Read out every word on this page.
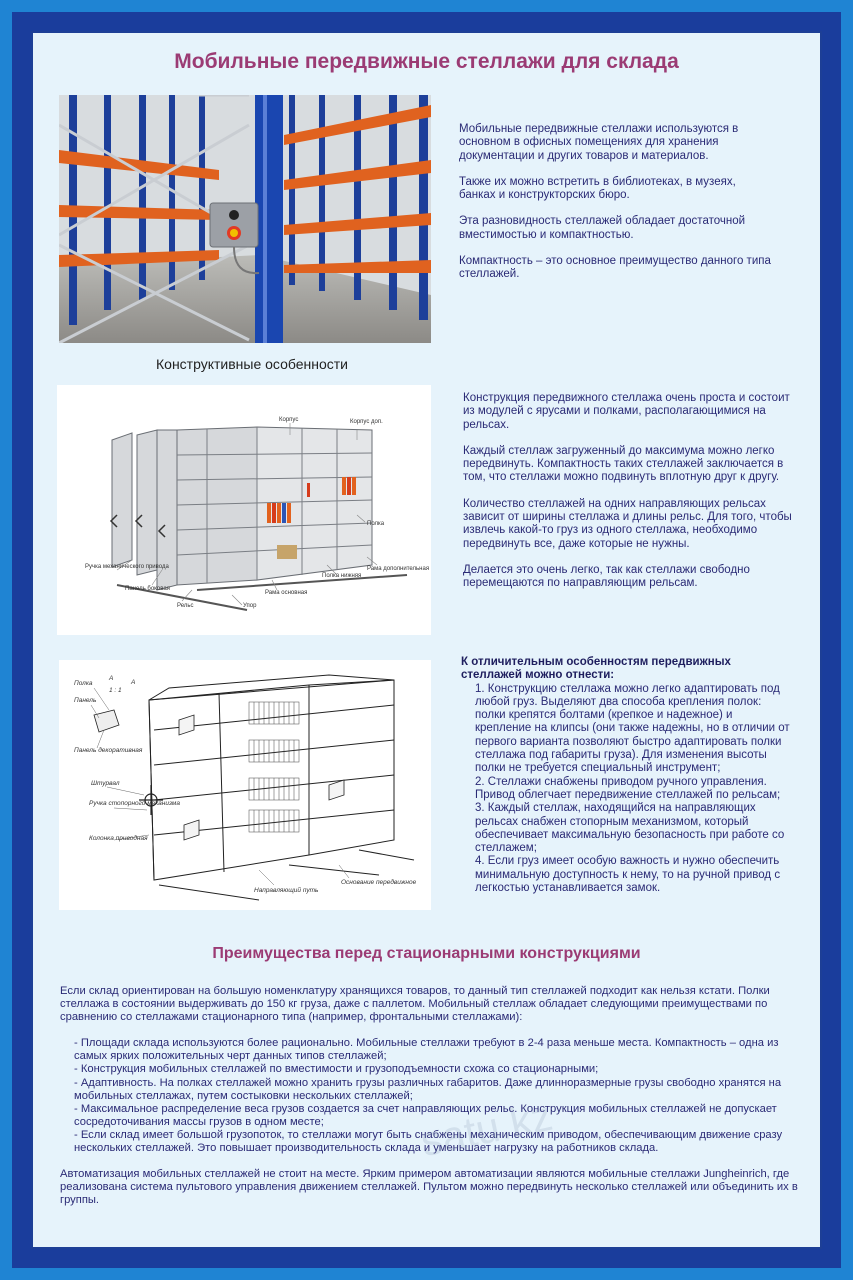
Мобильные передвижные стеллажи для склада

Мобильные передвижные стеллажи используются в основном в офисных помещениях для хранения документации и других товаров и материалов.

Также их можно встретить в библиотеках, в музеях, банках и конструкторских бюро.

Эта разновидность стеллажей обладает достаточной вместимостью и компактностью.

Компактность – это основное преимущество данного типа стеллажей.

Конструктивные особенности
Корпус	Корпус доп.
Полка
Ручка механического привода
Панель боковая
Рельс	Упор
Рама основная
Полка нижняя
Рама дополнительная

Конструкция передвижного стеллажа очень проста и состоит из модулей с ярусами и полками, располагающимися на рельсах.

Каждый стеллаж загруженный до максимума можно легко передвинуть. Компактность таких стеллажей заключается в том, что стеллажи можно подвинуть вплотную друг к другу.

Количество стеллажей на одних направляющих рельсах зависит от ширины стеллажа и длины рельс. Для того, чтобы извлечь какой-то груз из одного стеллажа, необходимо передвинуть все, даже которые не нужны.

Делается это очень легко, так как стеллажи свободно перемещаются по направляющим рельсам.

Полка
Панель
Панель декоративная
Штурвал
Ручка стопорного механизма
Колонка приводная
Направляющий путь
Основание передвижное
А
1 : 1
А
К отличительным особенностям передвижных стеллажей можно отнести:
1. Конструкцию стеллажа можно легко адаптировать под любой груз. Выделяют два способа крепления полок: полки крепятся болтами (крепкое и надежное) и крепление на клипсы (они также надежны, но в отличии от первого варианта позволяют быстро адаптировать полки стеллажа под габариты груза). Для изменения высоты полки не требуется специальный инструмент;
2. Стеллажи снабжены приводом ручного управления. Привод облегчает передвижение стеллажей по рельсам;
3. Каждый стеллаж, находящийся на направляющих рельсах снабжен стопорным механизмом, который обеспечивает максимальную безопасность при работе со стеллажем;
4. Если груз имеет особую важность и нужно обеспечить минимальную доступность к нему, то на ручной привод с легкостью устанавливается замок.
Преимущества перед стационарными конструкциями

Если склад ориентирован на большую номенклатуру хранящихся товаров, то данный тип стеллажей подходит как нельзя кстати. Полки стеллажа в состоянии выдерживать до 150 кг груза, даже с паллетом. Мобильный стеллаж обладает следующими преимуществами по сравнению со стеллажами стационарного типа (например, фронтальными стеллажами):

- Площади склада используются более рационально. Мобильные стеллажи требуют в 2-4 раза меньше места. Компактность – одна из самых ярких положительных черт данных типов стеллажей;
- Конструкция мобильных стеллажей по вместимости и грузоподъемности схожа со стационарными;
- Адаптивность. На полках стеллажей можно хранить грузы различных габаритов. Даже длинноразмерные грузы свободно хранятся на мобильных стеллажах, путем состыковки нескольких стеллажей;
- Максимальное распределение веса грузов создается за счет направляющих рельс. Конструкция мобильных стеллажей не допускает сосредоточивания массы грузов в одном месте;
- Если склад имеет большой грузопоток, то стеллажи могут быть снабжены механическим приводом, обеспечивающим движение сразу нескольких стеллажей. Это повышает производительность склада и уменьшает нагрузку на работников склада.

Автоматизация мобильных стеллажей не стоит на месте. Ярким примером автоматизации являются мобильные стеллажи Jungheinrich, где реализована система пультового управления движением стеллажей. Пультом можно передвинуть несколько стеллажей или объединить их в группы.

satu.kz
